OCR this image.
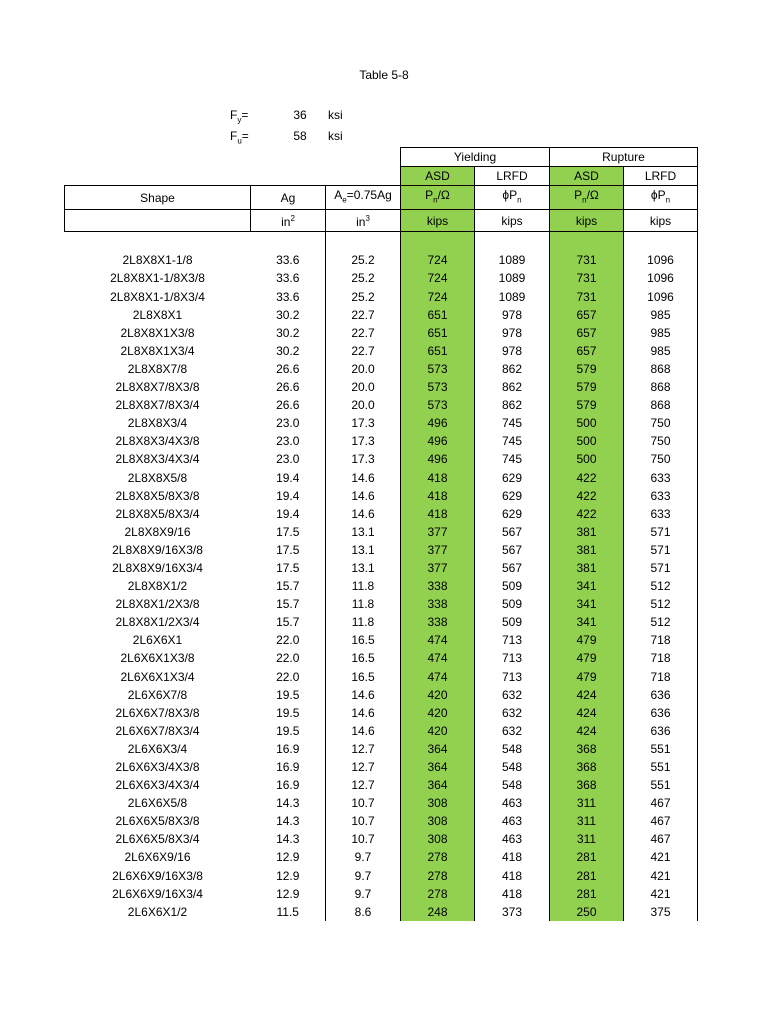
Table 5-8
$F_y=$	36	ksi
$F_u=$	58	ksi
			Yielding		Rupture	
			ASD	LRFD	ASD	LRFD
Shape	Ag	$A_e=0.75Ag$	$P_n/\Omega$	$\phi P_n$	$P_n/\Omega$	$\phi P_n$
	$in^2$	$in^3$	kips	kips	kips	kips

2L8X8X1-1/8	33.6	25.2	724	1089	731	1096
2L8X8X1-1/8X3/8	33.6	25.2	724	1089	731	1096
2L8X8X1-1/8X3/4	33.6	25.2	724	1089	731	1096
2L8X8X1	30.2	22.7	651	978	657	985
2L8X8X1X3/8	30.2	22.7	651	978	657	985
2L8X8X1X3/4	30.2	22.7	651	978	657	985
2L8X8X7/8	26.6	20.0	573	862	579	868
2L8X8X7/8X3/8	26.6	20.0	573	862	579	868
2L8X8X7/8X3/4	26.6	20.0	573	862	579	868
2L8X8X3/4	23.0	17.3	496	745	500	750
2L8X8X3/4X3/8	23.0	17.3	496	745	500	750
2L8X8X3/4X3/4	23.0	17.3	496	745	500	750
2L8X8X5/8	19.4	14.6	418	629	422	633
2L8X8X5/8X3/8	19.4	14.6	418	629	422	633
2L8X8X5/8X3/4	19.4	14.6	418	629	422	633
2L8X8X9/16	17.5	13.1	377	567	381	571
2L8X8X9/16X3/8	17.5	13.1	377	567	381	571
2L8X8X9/16X3/4	17.5	13.1	377	567	381	571
2L8X8X1/2	15.7	11.8	338	509	341	512
2L8X8X1/2X3/8	15.7	11.8	338	509	341	512
2L8X8X1/2X3/4	15.7	11.8	338	509	341	512
2L6X6X1	22.0	16.5	474	713	479	718
2L6X6X1X3/8	22.0	16.5	474	713	479	718
2L6X6X1X3/4	22.0	16.5	474	713	479	718
2L6X6X7/8	19.5	14.6	420	632	424	636
2L6X6X7/8X3/8	19.5	14.6	420	632	424	636
2L6X6X7/8X3/4	19.5	14.6	420	632	424	636
2L6X6X3/4	16.9	12.7	364	548	368	551
2L6X6X3/4X3/8	16.9	12.7	364	548	368	551
2L6X6X3/4X3/4	16.9	12.7	364	548	368	551
2L6X6X5/8	14.3	10.7	308	463	311	467
2L6X6X5/8X3/8	14.3	10.7	308	463	311	467
2L6X6X5/8X3/4	14.3	10.7	308	463	311	467
2L6X6X9/16	12.9	9.7	278	418	281	421
2L6X6X9/16X3/8	12.9	9.7	278	418	281	421
2L6X6X9/16X3/4	12.9	9.7	278	418	281	421
2L6X6X1/2	11.5	8.6	248	373	250	375
